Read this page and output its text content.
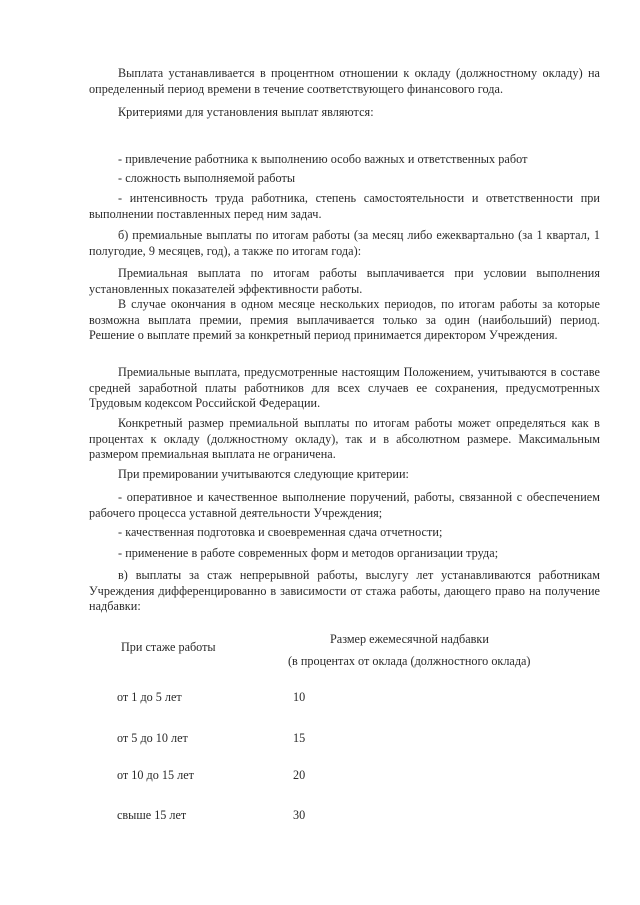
Выплата устанавливается в процентном отношении к окладу (должностному окладу) на определенный период времени в течение соответствующего финансового года.

Критериями для установления выплат являются:

- привлечение работника к выполнению особо важных и ответственных работ

- сложность выполняемой работы

- интенсивность труда работника, степень самостоятельности и ответственности при выполнении поставленных перед ним задач.

б) премиальные выплаты по итогам работы (за месяц либо ежеквартально (за 1 квартал, 1 полугодие, 9 месяцев, год), а также по итогам года):

Премиальная выплата по итогам работы выплачивается при условии выполнения установленных показателей эффективности работы.

В случае окончания в одном месяце нескольких периодов, по итогам работы за которые возможна выплата премии, премия выплачивается только за один (наибольший) период. Решение о выплате премий за конкретный период принимается директором Учреждения.

Премиальные выплата, предусмотренные настоящим Положением, учитываются в составе средней заработной платы работников для всех случаев ее сохранения, предусмотренных Трудовым кодексом Российской Федерации.

Конкретный размер премиальной выплаты по итогам работы может определяться как в процентах к окладу (должностному окладу), так и в абсолютном размере. Максимальным размером премиальная выплата не ограничена.

При премировании учитываются следующие критерии:

- оперативное и качественное выполнение поручений, работы, связанной с обеспечением рабочего процесса уставной деятельности Учреждения;

- качественная подготовка и своевременная сдача отчетности;

- применение в работе современных форм и методов организации труда;

в) выплаты за стаж непрерывной работы, выслугу лет устанавливаются работникам Учреждения дифференцированно в зависимости от стажа работы, дающего право на получение надбавки:

При стаже работы
Размер ежемесячной надбавки
(в процентах от оклада (должностного оклада)
от 1 до 5 лет	10
от 5 до 10 лет	15
от 10 до 15 лет	20
свыше 15 лет	30
